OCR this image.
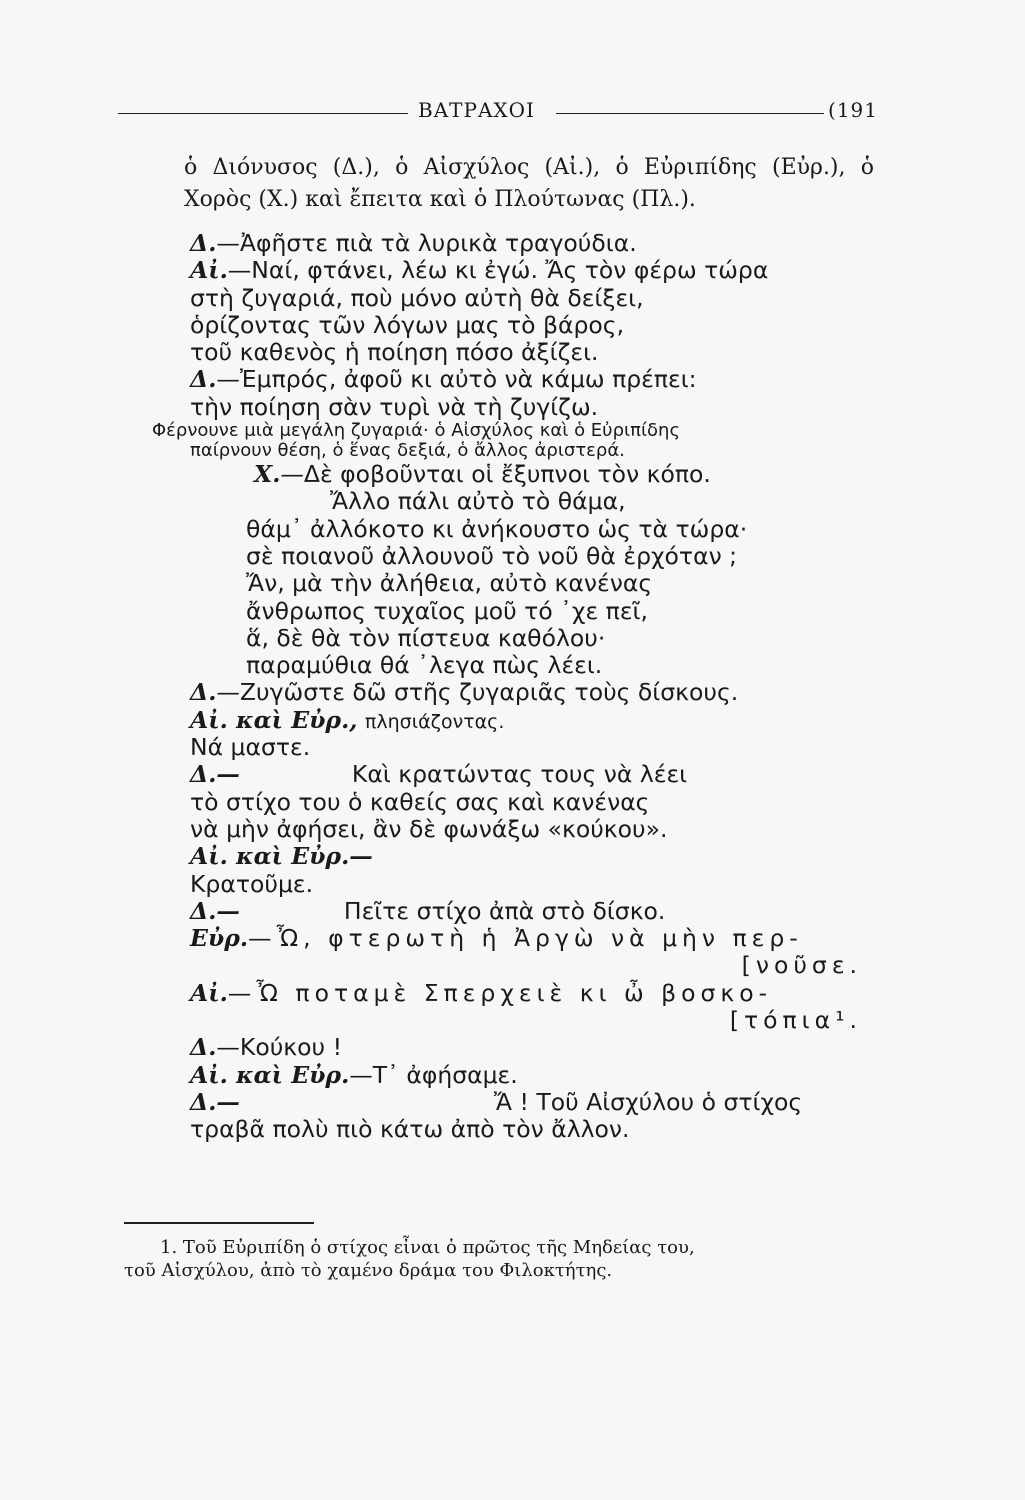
ΒΑΤΡΑΧΟΙ	(191

ὁ Διόνυσος (Δ.), ὁ Αἰσχύλος (Αἰ.), ὁ Εὐριπίδης (Εὐρ.), ὁ Χορὸς (Χ.) καὶ ἔπειτα καὶ ὁ Πλούτωνας (Πλ.).

Δ.—Ἀφῆστε πιὰ τὰ λυρικὰ τραγούδια.
Αἰ.—Ναί, φτάνει, λέω κι ἐγώ. Ἄς τὸν φέρω τώρα
στὴ ζυγαριά, ποὺ μόνο αὐτὴ θὰ δείξει,
ὁρίζοντας τῶν λόγων μας τὸ βάρος,
τοῦ καθενὸς ἡ ποίηση πόσο ἀξίζει.
Δ.—Ἐμπρός, ἀφοῦ κι αὐτὸ νὰ κάμω πρέπει:
τὴν ποίηση σὰν τυρὶ νὰ τὴ ζυγίζω.
Φέρνουνε μιὰ μεγάλη ζυγαριά· ὁ Αἰσχύλος καὶ ὁ Εὐριπίδης
παίρνουν θέση, ὁ ἕνας δεξιά, ὁ ἄλλος ἀριστερά.
Χ.—Δὲ φοβοῦνται οἱ ἔξυπνοι τὸν κόπο.
Ἄλλο πάλι αὐτὸ τὸ θάμα,
θάμ᾽ ἀλλόκοτο κι ἀνήκουστο ὡς τὰ τώρα·
σὲ ποιανοῦ ἀλλουνοῦ τὸ νοῦ θὰ ἐρχόταν ;
Ἄν, μὰ τὴν ἀλήθεια, αὐτὸ κανένας
ἄνθρωπος τυχαῖος μοῦ τό ᾽χε πεῖ,
ἅ, δὲ θὰ τὸν πίστευα καθόλου·
παραμύθια θά ᾽λεγα πὼς λέει.
Δ.—Ζυγῶστε δῶ στῆς ζυγαριᾶς τοὺς δίσκους.
Αἰ. καὶ Εὐρ., πλησιάζοντας.
Νά μαστε.
Δ.—	Καὶ κρατώντας τους νὰ λέει
τὸ στίχο του ὁ καθείς σας καὶ κανένας
νὰ μὴν ἀφήσει, ἂν δὲ φωνάξω «κούκου».
Αἰ. καὶ Εὐρ.—
Κρατοῦμε.
Δ.—	Πεῖτε στίχο ἀπὰ στὸ δίσκο.
Εὐρ.—Ὦ, φτερωτὴ ἡ Ἀργὼ νὰ μὴν περ-
[νοῦσε.
Αἰ.—Ὦ ποταμὲ Σπερχειὲ κι ὦ βοσκο-
[τόπια¹.
Δ.—Κούκου !
Αἰ. καὶ Εὐρ.—Τ᾽ ἀφήσαμε.
Δ.—	Ἄ ! Τοῦ Αἰσχύλου ὁ στίχος
τραβᾶ πολὺ πιὸ κάτω ἀπὸ τὸν ἄλλον.

1. Τοῦ Εὐριπίδη ὁ στίχος εἶναι ὁ πρῶτος τῆς Μηδείας του,

τοῦ Αἰσχύλου, ἀπὸ τὸ χαμένο δράμα του Φιλοκτήτης.
